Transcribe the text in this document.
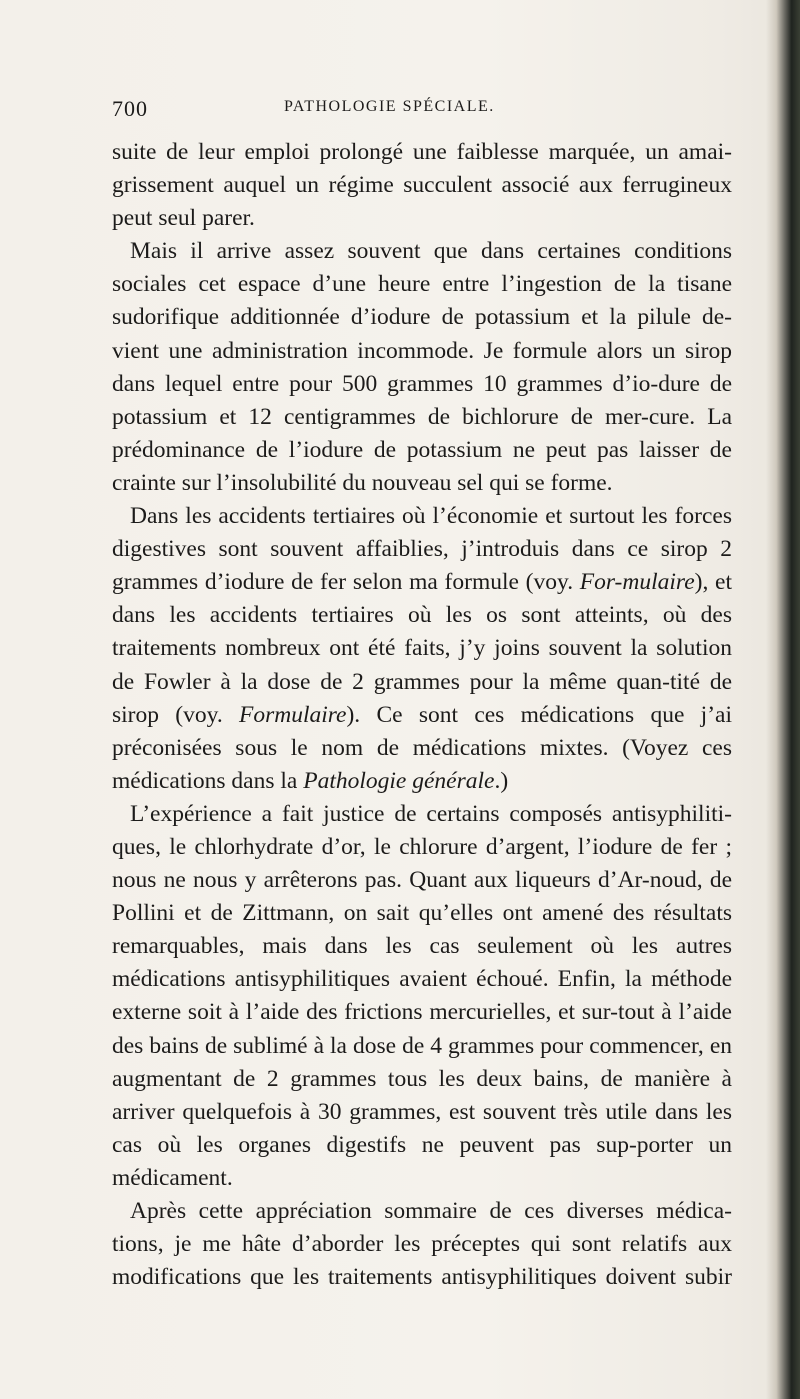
700	PATHOLOGIE SPÉCIALE.

suite de leur emploi prolongé une faiblesse marquée, un amai-grissement auquel un régime succulent associé aux ferrugineux peut seul parer.

Mais il arrive assez souvent que dans certaines conditions sociales cet espace d’une heure entre l’ingestion de la tisane sudorifique additionnée d’iodure de potassium et la pilule de-vient une administration incommode. Je formule alors un sirop dans lequel entre pour 500 grammes 10 grammes d’io-dure de potassium et 12 centigrammes de bichlorure de mer-cure. La prédominance de l’iodure de potassium ne peut pas laisser de crainte sur l’insolubilité du nouveau sel qui se forme.

Dans les accidents tertiaires où l’économie et surtout les forces digestives sont souvent affaiblies, j’introduis dans ce sirop 2 grammes d’iodure de fer selon ma formule (voy. For-mulaire), et dans les accidents tertiaires où les os sont atteints, où des traitements nombreux ont été faits, j’y joins souvent la solution de Fowler à la dose de 2 grammes pour la même quan-tité de sirop (voy. Formulaire). Ce sont ces médications que j’ai préconisées sous le nom de médications mixtes. (Voyez ces médications dans la Pathologie générale.)

L’expérience a fait justice de certains composés antisyphiliti-ques, le chlorhydrate d’or, le chlorure d’argent, l’iodure de fer ; nous ne nous y arrêterons pas. Quant aux liqueurs d’Ar-noud, de Pollini et de Zittmann, on sait qu’elles ont amené des résultats remarquables, mais dans les cas seulement où les autres médications antisyphilitiques avaient échoué. Enfin, la méthode externe soit à l’aide des frictions mercurielles, et sur-tout à l’aide des bains de sublimé à la dose de 4 grammes pour commencer, en augmentant de 2 grammes tous les deux bains, de manière à arriver quelquefois à 30 grammes, est souvent très utile dans les cas où les organes digestifs ne peuvent pas sup-porter un médicament.

Après cette appréciation sommaire de ces diverses médica-tions, je me hâte d’aborder les préceptes qui sont relatifs aux modifications que les traitements antisyphilitiques doivent subir
